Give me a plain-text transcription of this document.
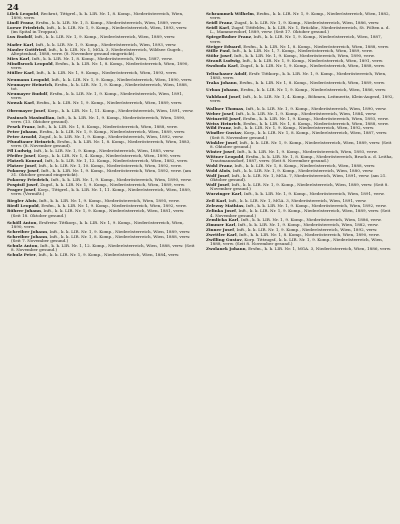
24
Lilek Leopold, Reckrut, Tittgrel., k. k. LIR. Nr. 1, 8. Komp., Niederösterreich, Wien, 1890, verw.
Lindl Franz, Ersfm., k. k. LIR. Nr. 1, 5. Komp., Niederösterreich, Wien, 1889, verw.
Loewe Friedrich, Inft., k. k. LIR. Nr. 1, 9. Komp., Niederösterreich, Wien, 1893, verw. (im Spital in Troppau).
Lux Rudolf, Inft., k. k. LIR. Nr. 1, 9. Komp., Niederösterreich, Wien, 1889, verw.
Mader Karl, Inft., k. k. LIR. Nr. 1, 9. Komp., Niederösterreich, Wien, 1893, verw.
Mauler Gottfried, Inft., k. k. LIR. Nr. 1, MGA. 3, Niederösterreich, Wildsee Gugeb., Alteptenbad, 1888, verw. (8. November gesund eingerückt).
Mies Karl, Inft., k. k. LIR. Nr. 1, 8. Komp., Niederösterreich, Wien, 1887, verw.
Mindlsrock Leopold, Ersfm., k. k. LIR. Nr. 1, 8. Komp., Niederösterreich, Wien, 1890, verw.
Müller Karl, Inft., k. k. LIR. Nr. 1, 9. Komp., Niederösterreich, Wien, 1893, verw.
Neumann Leopold, Inft., k. k. LIR. Nr. 1, 9. Komp., Niederösterreich, Wien, 1890, verw.
Neumayer Heinrich, Ersfm., k. k. LIR. Nr. 1, 9. Komp., Niederösterreich, Wien, 1888, tot.
Neumayer Rudolf, Ersfm., k. k. LIR. Nr. 1, 9. Komp., Niederösterreich, Wien, 1891, verw.
Nowak Karl, Ersfm., k. k. LIR. Nr. 1, 9. Komp., Niederösterreich, Wien, 1889, verw.
Obermayer Josef, Korp., k. k. LIR. Nr. 1, 11. Komp., Niederösterreich, Wien, 1891, verw.
Pasinsch Maximilian, Inft., k. k. LIR. Nr. 1, 9. Komp., Niederösterreich, Wien, 1890, verw. (13. Oktober gesund).
Pesek Franz, Inft., k. k. LIR. Nr. 1, 8. Komp., Niederösterreich, Wien, 1888, verw.
Peter Johann, Ersfm., k. k. LIR. Nr. 1, 9. Komp., Niederösterreich, Wien, 1889, verw.
Peter Arnold, Zugsf., k. k. LIR. Nr. 1, 9. Komp., Niederösterreich, Wien, 1892, verw.
Pfundtauer Heinrich, Ersfm., k. k. LIR. Nr. 1, 8. Komp., Niederösterreich, Wien, 1883, verw. (8. November gesund).
Pfl Ludwig, Inft., k. k. LIR. Nr. 1, 9. Komp., Niederösterreich, Wien, 1885, verw.
Pfeifer Josef, Korp., k. k. LIR. Nr. 1, 4. Komp., Niederösterreich, Wien, 1890, verw.
Platzek Konrad, Inft., k. k. LIR. Nr. 1, 12. Komp., Niederösterreich, Wien, 1882, verw.
Platzer Josef, Inft., k. k. LIR. Nr. 1, 10. Komp., Niederösterreich, Wien, 1892, verw.
Pokorny Josef, Inft., k. k. LIR. Nr. 1, 9. Komp., Niederösterreich, Wien, 1892, verw. (am 31. Oktober gesund eingerückt).
Pokorny Friedrich, Inft., k. k. LIR. Nr. 1, 9. Komp., Niederösterreich, Wien, 1890, verw.
Pospisil Josef, Zugsf., k. k. LIR. Nr. 1, 9. Komp., Niederösterreich, Wien, 1889, verw.
Prager Josef, Korp., Tittgrel., k. k. LIR. Nr. 1, 11. Komp., Niederösterreich, Wien, 1889, verw. (Vermißt.)
Riegler Alois, Inft., k. k. LIR. Nr. 1, 9. Komp., Niederösterreich, Wien, 1895, verw.
Riedl Leopold, Ersfm., k. k. LIR. Nr. 1, 9. Komp., Niederösterreich, Wien, 1892, verw.
Rührer Johann, Inft., k. k. LIR. Nr. 1, 9. Komp., Niederösterreich, Wien, 1881, verw. (Seit 18. Oktober gesund.)
Schöll Anton, Ersfreiw. Tittkorp., k. k. LIR. Nr. 1, 9. Komp., Niederösterreich, Wien, 1890, verw.
Schreiber Johann, Inft., k. k. LIR. Nr. 1, 9. Komp., Niederösterreich, Wien, 1889, verw.
Schreiber Johann, Inft., k. k. LIR. Nr. 1, 8. Komp., Niederösterreich, Wien, 1888, verw. (Seit 7. November gesund.)
Schulz Anton, Inft., k. k. LIR. Nr. 1, 12. Komp., Niederösterreich, Wien, 1888, verw. (Seit 8. November gesund.)
Schulz Peter, Inft., k. k. LIR. Nr. 1, 9. Komp., Niederösterreich, Wien, 1884, verw.
Schrammek Wilhelm, Ersfm., k. k. LIR. Nr. 1, 9. Komp., Niederösterreich, Wien, 1882, verw.
Seidl Franz, Zugsf., k. k. LIR. Nr. 1, 9. Komp., Niederösterreich, Wien, 1886, verw.
Seidl Karl, Zugsf. Tittfeldw., k. k. LIR. Nr. 1, Brückbr., Niederösterreich, St. Pölten a. d. L., Mammersdorf, 1889, verw. (Seit 17. Oktober gesund.)
Spiegelhuber Franz, Inft., k. k. LIR. Nr. 1, 9. Komp., Niederösterreich, Wien, 1887, verw.
Steiger Eduard, Ersfm., k. k. LIR. Nr. 1, 8. Komp., Niederösterreich, Wien, 1888, verw.
Stille Paul, Inft., k. k. LIR. Nr. 1, 7. Komp., Niederösterreich, Wien, 1889, verw.
Stöhr Josef, Inft., k. k. LIR. Nr. 1, 9. Komp., Niederösterreich, Wien, 1890, verw.
Strauß Ludwig, Inft., k. k. LIR. Nr. 1, 9. Komp., Niederösterreich, Wien, 1891, verw.
Swoboda Karl, Zugsf., k. k. LIR. Nr. 1, 9. Komp., Niederösterreich, Wien, 1888, verw.
Teltschauer Adolf, Ersfr. Tittkorp., k. k. LIR. Nr. 1, 9. Komp., Niederösterreich, Wien, 1885, verw.
Traka Johann, Ersfm., k. k. LIR. Nr. 1, 8. Komp., Niederösterreich, Wien, 1889, verw.
Urban Johann, Ersfm., k. k. LIR. Nr. 1, 9. Komp., Niederösterreich, Wien, 1886, verw.
Vahldand Josef, Inft., k. k. LIR. Nr. 1, 4. Komp., Böhmen, Leitmeritz, Klein-Augezd, 1892, verw.
Wallner Thomas, Inft., k. k. LIR. Nr. 1, 9. Komp., Niederösterreich, Wien, 1890, verw.
Weber Josef, Inft., k. k. LIR. Nr. 1, 9. Komp., Niederösterreich, Wien, 1884, verw.
Weinzettl Josef, Ersfm., k. k. LIR. Nr. 1, 9. Komp., Niederösterreich, Wien, 1893, verw.
Weiss Heinrich, Ersfm., k. k. LIR. Nr. 1, 6. Komp., Niederösterreich, Wien, 1888, verw.
Wild Franz, Inft., k. k. LIR. Nr. 1, 9. Komp., Niederösterreich, Wien, 1892, verw.
Windler Gustav, Korp., k. k. LIR. Nr. 1, 8. Komp., Niederösterreich, Wien, 1887, verw. (Seit 8. November gesund.)
Winkler Josef, Inft., k. k. LIR. Nr. 1, 9. Komp., Niederösterreich, Wien, 1889, verw. (Seit 8. Oktober gesund.)
Winter Josef, Inft., k. k. LIR. Nr. 1, 9. Komp., Niederösterreich, Wien, 1893, verw.
Wittner Leopold, Ersfm., k. k. LIR. Nr. 1, 8. Komp., Niederösterreich, Bruck a. d. Leitha, Trautmannsdorf, 1887, verw. (Seit 8. November gesund.)
Wohl Franz, Inft., k. k. LIR. Nr. 1, 8. Komp., Niederösterreich, Wien, 1888, verw.
Wold Alois, Inft., k. k. LIR. Nr. 1, 9. Komp., Niederösterreich, Wien, 1880, verw.
Wolf Josef, Inft., k. k. LIR. Nr. 1, MGA. 7, Niederösterreich, Wien, 1891, verw. (am 21. Oktober gesund).
Wolf Josef, Inft., k. k. LIR. Nr. 1, 9. Komp., Niederösterreich, Wien, 1889, verw. (Seit 8. November gesund.)
Wurzinger Karl, Inft., k. k. LIR. Nr. 1, 9. Komp., Niederösterreich, Wien, 1891, verw.
Zeil Karl, Inft., k. k. LIR. Nr. 1, MGA. 3, Niederösterreich, Wien, 1891, verw.
Zelezny Mathias, Inft., k. k. LIR. Nr. 1, 9. Komp., Niederösterreich, Wien, 1892, verw.
Zelinka Josef, Inft., k. k. LIR. Nr. 1, 9. Komp., Niederösterreich, Wien, 1889, verw. (Seit 4. November gesund.)
Zemlicka Karl, Inft., k. k. LIR. Nr. 1, 9. Komp., Niederösterreich, Wien, 1886, verw.
Zimmer Karl, Inft., k. k. LIR. Nr. 1, 9. Komp., Niederösterreich, Wien, 1882, verw.
Zinner Josef, Inft., k. k. LIR. Nr. 1, 9. Komp., Niederösterreich, Wien, 1892, verw.
Zwettler Karl, Inft., k. k. LIR. Nr. 1, 8. Komp., Niederösterreich, Wien, 1890, verw.
Zwilling Gustav, Korp. Tittzugsf., k. k. LIR. Nr. 1, 9. Komp., Niederösterreich, Wien, 1888, verw. (Seit 8. November gesund.)
Zwolanek Johann, Ersfm., k. k. LIR. Nr. 1, MGA. 3, Niederösterreich, Wien, 1886, verw.
